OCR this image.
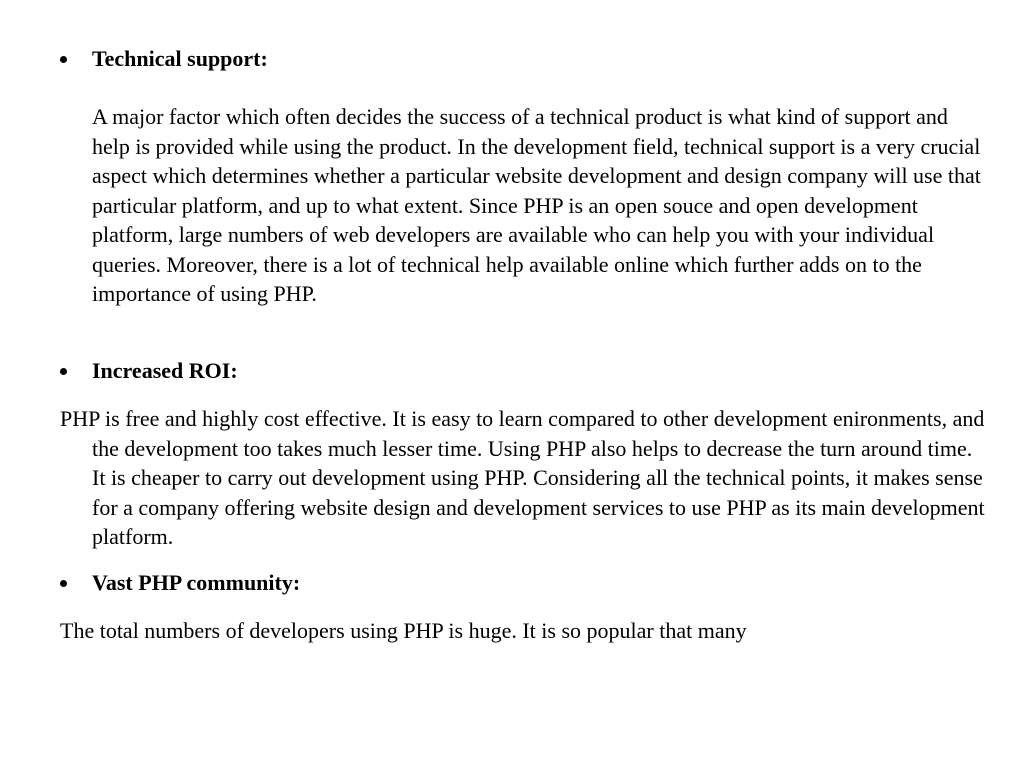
Technical support:

A major factor which often decides the success of a technical product is what kind of support and help is provided while using the product. In the development field, technical support is a very crucial aspect which determines whether a particular website development and design company will use that particular platform, and up to what extent. Since PHP is an open souce and open development platform, large numbers of web developers are available who can help you with your individual queries. Moreover, there is a lot of technical help available online which further adds on to the importance of using PHP.

Increased ROI:

PHP is free and highly cost effective. It is easy to learn compared to other development enironments, and the development too takes much lesser time. Using PHP also helps to decrease the turn around time. It is cheaper to carry out development using PHP. Considering all the technical points, it makes sense for a company offering website design and development services to use PHP as its main development platform.

Vast PHP community:

The total numbers of developers using PHP is huge. It is so popular that many
